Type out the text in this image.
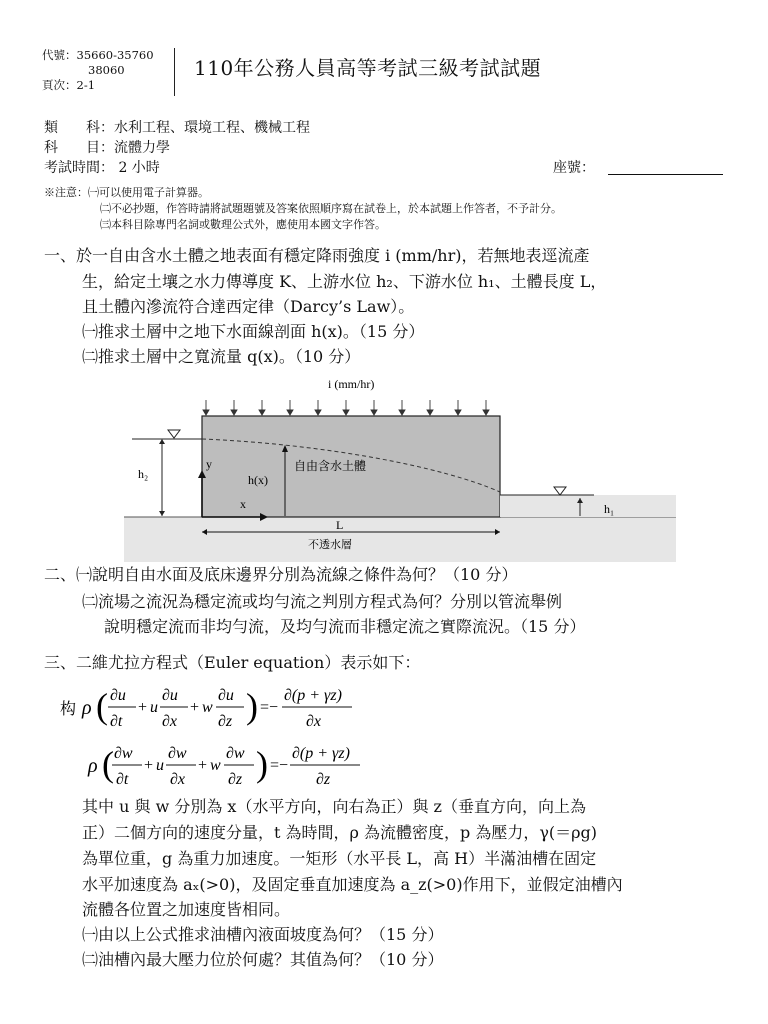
代號：35660-35760
38060
頁次：2-1
110年公務人員高等考試三級考試試題
類　　科：水利工程、環境工程、機械工程
科　　目：流體力學
考試時間： 2 小時	座號：
※注意：㈠可以使用電子計算器。
㈡不必抄題，作答時請將試題題號及答案依照順序寫在試卷上，於本試題上作答者，不予計分。
㈢本科目除專門名詞或數理公式外，應使用本國文字作答。
一、於一自由含水土體之地表面有穩定降雨強度 i (mm/hr)，若無地表逕流產
生，給定土壤之水力傳導度 K、上游水位 h₂、下游水位 h₁、土體長度 L，
且土體內滲流符合達西定律（Darcy’s Law）。
㈠推求土層中之地下水面線剖面 h(x)。（15 分）
㈡推求土層中之寬流量 q(x)。（10 分）
i (mm/hr)
h₂
h₁
y
x
h(x)
自由含水土體
L
不透水層
二、㈠說明自由水面及底床邊界分別為流線之條件為何？（10 分）
㈡流場之流況為穩定流或均勻流之判別方程式為何？分別以管流舉例
說明穩定流而非均勻流，及均勻流而非穩定流之實際流況。（15 分）
三、二維尤拉方程式（Euler equation）表示如下：
构 ρ ( ∂u
∂t
+ u
∂u
∂x
+ w
∂u
∂z ) =−
∂(p + γz)
∂x
ρ ( ∂w
∂t
+ u
∂w
∂x
+ w
∂w
∂z ) =−
∂(p + γz)
∂z
其中 u 與 w 分別為 x（水平方向，向右為正）與 z（垂直方向，向上為
正）二個方向的速度分量，t 為時間，ρ 為流體密度，p 為壓力，γ(＝ρg)
為單位重，g 為重力加速度。一矩形（水平長 L，高 H）半滿油槽在固定
水平加速度為 aₓ(>0)，及固定垂直加速度為 a_z(>0)作用下，並假定油槽內
流體各位置之加速度皆相同。
㈠由以上公式推求油槽內液面坡度為何？（15 分）
㈡油槽內最大壓力位於何處？其值為何？（10 分）
